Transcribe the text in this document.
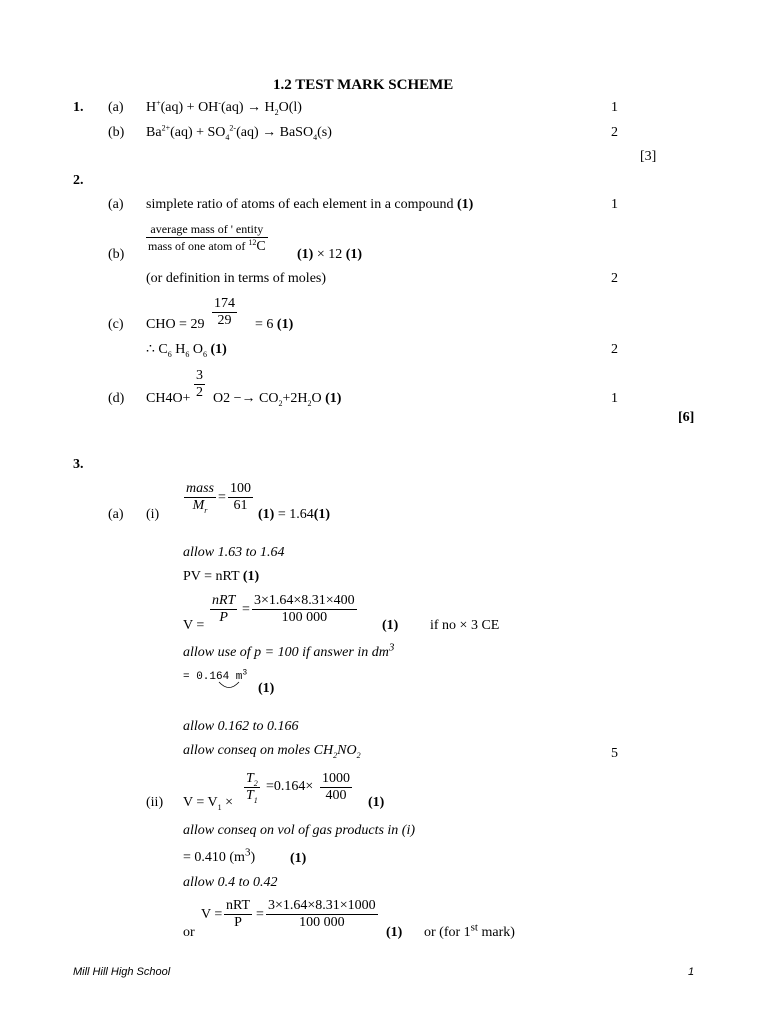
1.2 TEST MARK SCHEME
1. (a) $H^+(aq) + OH^-(aq) \to H_2O(l)$	1
(b) $Ba^{2+}(aq) + SO_4^{2-}(aq)$ → BaSO$_4$(s)	2
[3]
2.
(a) simplete ratio of atoms of each element in a compound (1)	1
average mass of ' entity
mass of one atom of $^{12}$C
(b)	(1) × 12 (1)
(or definition in terms of moles)	2
$\frac{174}{29}$
(c) CHO = 29	= 6 (1)
∴ $C_6$ $H_6$ $O_6$ (1)	2
$\frac{3}{2}$
(d) $CH4O+ O2 -\to CO_2+2H_2O$ (1)	1
[6]
3.
mass
$M_r$
= $\frac{100}{61}$
(a) (i)	(1) = 1.64(1)
allow 1.63 to 1.64
PV = nRT (1)
nRT
P
= $\frac{3\times 1.64\times 8.31\times 400}{100 000}$
V =	(1) if no × 3 CE
allow use of p = 100 if answer in $dm^3$
= 0.164 $m^3$
(1)
allow 0.162 to 0.166
allow conseq on moles $CH_2NO_2$	5
$\frac{T_2}{T_1} =0.164\times \frac{1000}{400}$
(ii) $V = V_1$ ×	(1)
allow conseq on vol of gas products in (i)
= 0.410 $(m^3)$ (1)
allow 0.4 to 0.42
V =
nRT
P
= $\frac{3\times 1.64\times 8.31\times 1000}{100 000}$
or	(1) or (for 1st mark)
Mill Hill High School	1
